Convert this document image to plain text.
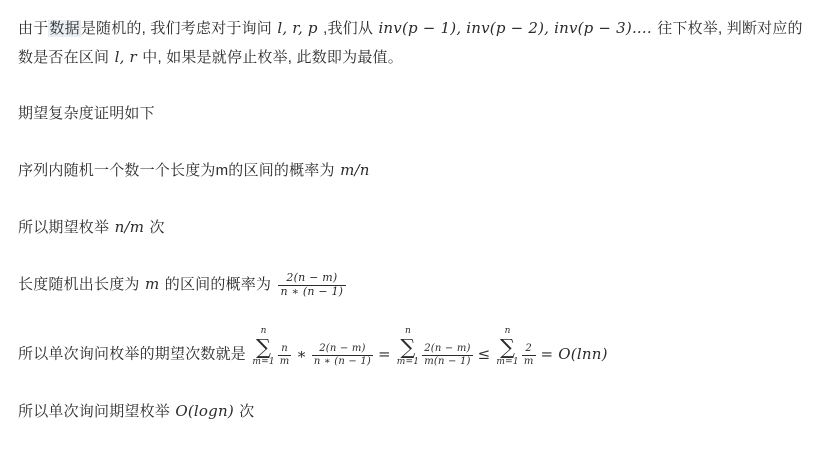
由于数据是随机的, 我们考虑对于询问 l, r, p ,我们从 inv(p − 1), inv(p − 2), inv(p − 3).... 往下枚举, 判断对应的数是否在区间 l, r 中, 如果是就停止枚举, 此数即为最值。

期望复杂度证明如下

序列内随机一个数一个长度为m的区间的概率为 m/n

所以期望枚举 n/m 次

长度随机出长度为 m 的区间的概率为 $\frac{2(n - m)}{n ∗ (n - 1)}$

所以单次询问枚举的期望次数就是
n
∑
$m=1 \frac{n}{m}$ ∗ $\frac{2(n - m)}{n ∗ (n - 1)}$ =
n
∑
$m=1 \frac{2(n - m)}{m(n - 1)}$ ≤
n
∑
$m=1 \frac{2}{m} = O(\ln n)$

所以单次询问期望枚举 O(logn) 次
